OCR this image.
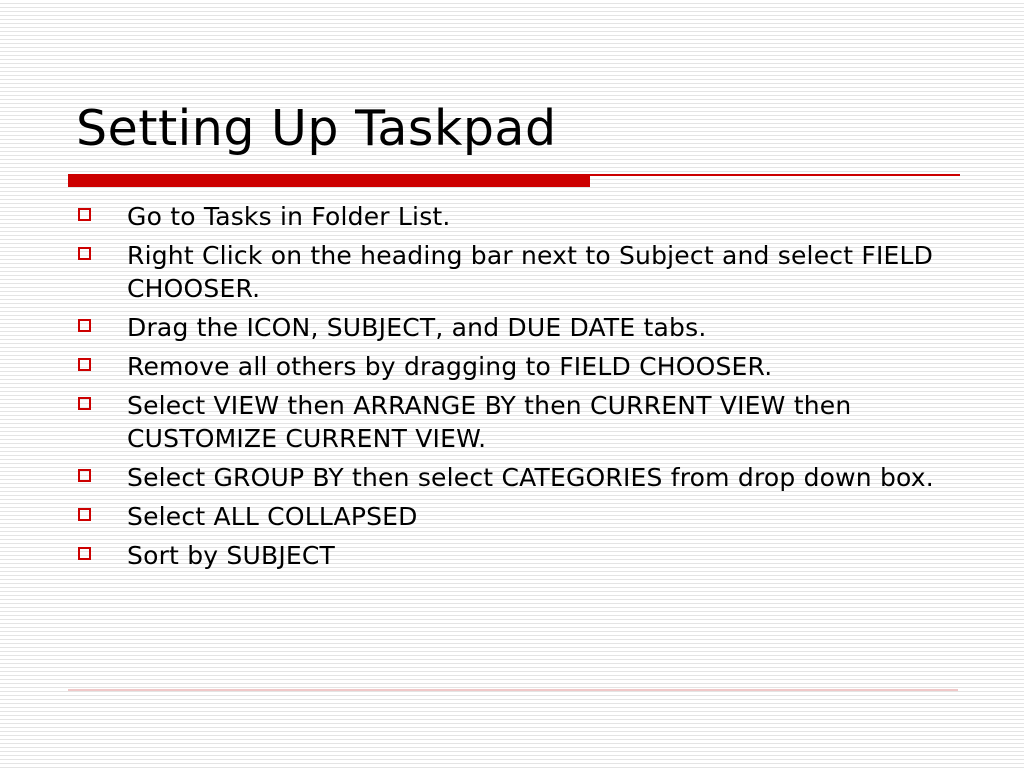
Setting Up Taskpad
Go to Tasks in Folder List.
Right Click on the heading bar next to Subject and select FIELD CHOOSER.
Drag the ICON, SUBJECT, and DUE DATE tabs.
Remove all others by dragging to FIELD CHOOSER.
Select VIEW then ARRANGE BY then CURRENT VIEW then CUSTOMIZE CURRENT VIEW.
Select GROUP BY then select CATEGORIES from drop down box.
Select ALL COLLAPSED
Sort by SUBJECT
